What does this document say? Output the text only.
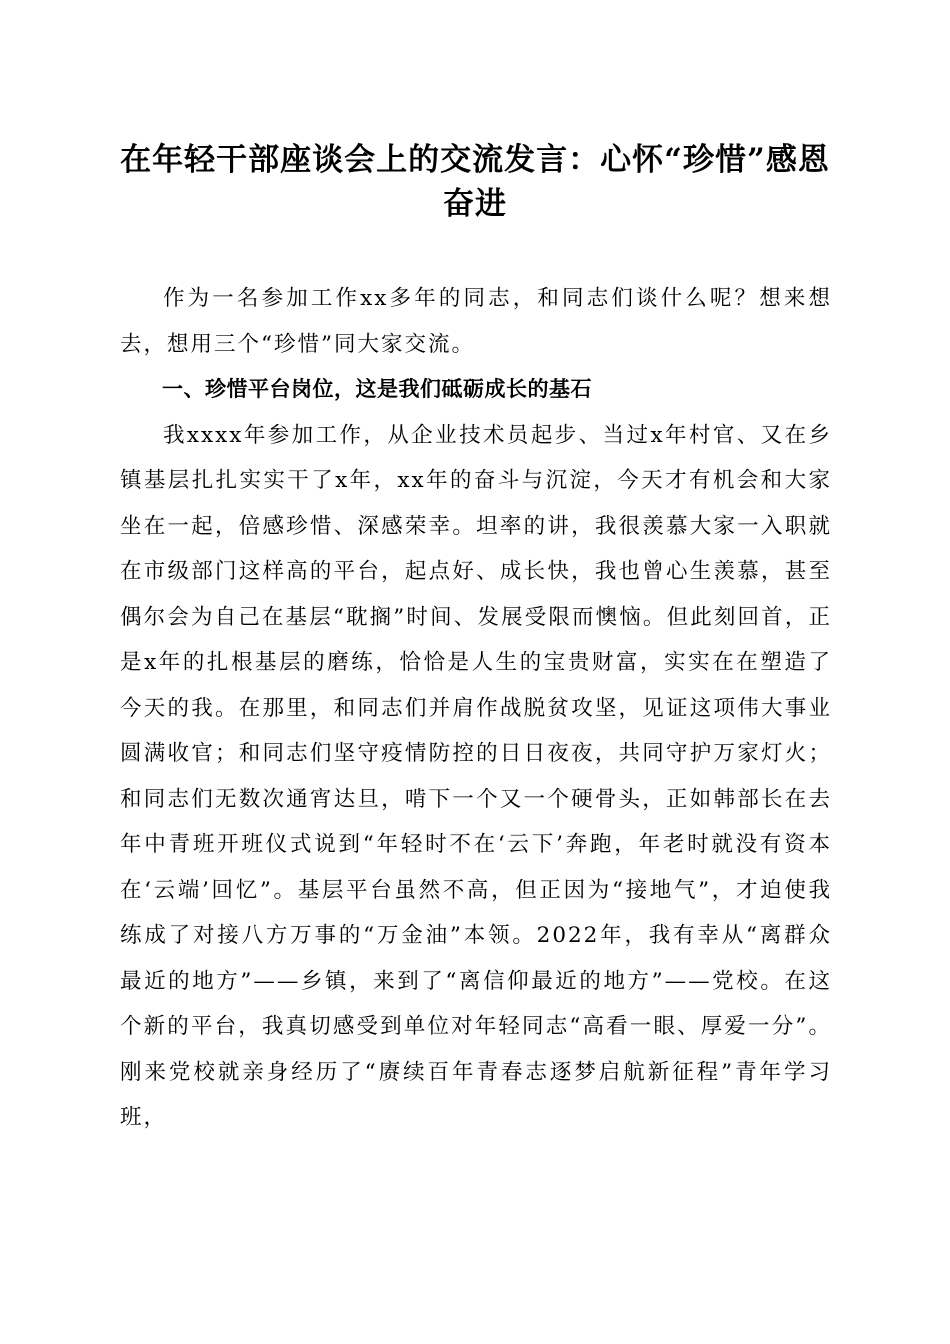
在年轻干部座谈会上的交流发言：心怀“珍惜”感恩奋进

作为一名参加工作xx多年的同志，和同志们谈什么呢？想来想去，想用三个“珍惜”同大家交流。

一、珍惜平台岗位，这是我们砥砺成长的基石

我xxxx年参加工作，从企业技术员起步、当过x年村官、又在乡镇基层扎扎实实干了x年，xx年的奋斗与沉淀，今天才有机会和大家坐在一起，倍感珍惜、深感荣幸。坦率的讲，我很羡慕大家一入职就在市级部门这样高的平台，起点好、成长快，我也曾心生羡慕，甚至偶尔会为自己在基层“耽搁”时间、发展受限而懊恼。但此刻回首，正是x年的扎根基层的磨练，恰恰是人生的宝贵财富，实实在在塑造了今天的我。在那里，和同志们并肩作战脱贫攻坚，见证这项伟大事业圆满收官；和同志们坚守疫情防控的日日夜夜，共同守护万家灯火；和同志们无数次通宵达旦，啃下一个又一个硬骨头，正如韩部长在去年中青班开班仪式说到“年轻时不在‘云下’奔跑，年老时就没有资本在‘云端’回忆”。基层平台虽然不高，但正因为“接地气”，才迫使我练成了对接八方万事的“万金油”本领。2022年，我有幸从“离群众最近的地方”——乡镇，来到了“离信仰最近的地方”——党校。在这个新的平台，我真切感受到单位对年轻同志“高看一眼、厚爱一分”。刚来党校就亲身经历了“赓续百年青春志逐梦启航新征程”青年学习班，
